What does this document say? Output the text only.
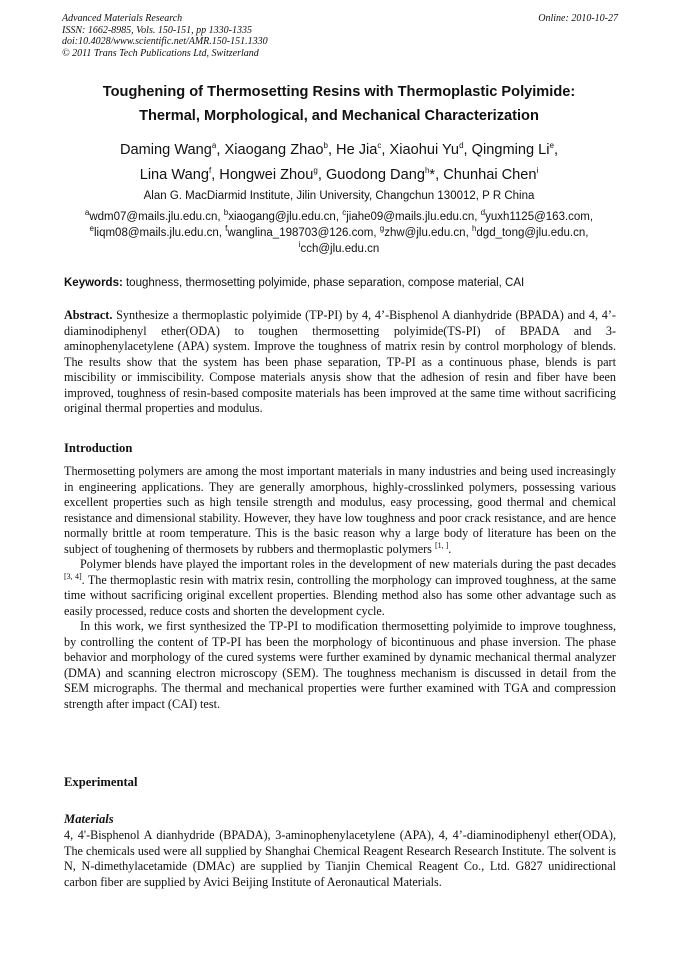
Advanced Materials Research
ISSN: 1662-8985, Vols. 150-151, pp 1330-1335
doi:10.4028/www.scientific.net/AMR.150-151.1330
© 2011 Trans Tech Publications Ltd, Switzerland
Online: 2010-10-27
Toughening of Thermosetting Resins with Thermoplastic Polyimide:
Thermal, Morphological, and Mechanical Characterization
Daming Wang$^a$, Xiaogang Zhao$^b$, He Jia$^c$, Xiaohui Yu$^d$, Qingming Li$^e$,
Lina Wang$^f$, Hongwei Zhou$^g$, Guodong Dang$^h$*, Chunhai Chen$^i$
Alan G. MacDiarmid Institute, Jilin University, Changchun 130012, P R China
$^a$wdm07@mails.jlu.edu.cn, $^b$xiaogang@jlu.edu.cn, $^c$jiahe09@mails.jlu.edu.cn, $^d$yuxh1125@163.com,
$^e$liqm08@mails.jlu.edu.cn, $^f$wanglina_198703@126.com, $^g$zhw@jlu.edu.cn, $^h$dgd_tong@jlu.edu.cn,
$^i$cch@jlu.edu.cn
Keywords: toughness, thermosetting polyimide, phase separation, compose material, CAI
Abstract. Synthesize a thermoplastic polyimide (TP-PI) by 4, 4’-Bisphenol A dianhydride (BPADA) and 4, 4’-diaminodiphenyl ether(ODA) to toughen thermosetting polyimide(TS-PI) of BPADA and 3-aminophenylacetylene (APA) system. Improve the toughness of matrix resin by control morphology of blends. The results show that the system has been phase separation, TP-PI as a continuous phase, blends is part miscibility or immiscibility. Compose materials anysis show that the adhesion of resin and fiber have been improved, toughness of resin-based composite materials has been improved at the same time without sacrificing original thermal properties and modulus.
Introduction

Thermosetting polymers are among the most important materials in many industries and being used increasingly in engineering applications. They are generally amorphous, highly-crosslinked polymers, possessing various excellent properties such as high tensile strength and modulus, easy processing, good thermal and chemical resistance and dimensional stability. However, they have low toughness and poor crack resistance, and are hence normally brittle at room temperature. This is the basic reason why a large body of literature has been on the subject of toughening of thermosets by rubbers and thermoplastic polymers [1, ].

Polymer blends have played the important roles in the development of new materials during the past decades [3, 4]. The thermoplastic resin with matrix resin, controlling the morphology can improved toughness, at the same time without sacrificing original excellent properties. Blending method also has some other advantage such as easily processed, reduce costs and shorten the development cycle.

In this work, we first synthesized the TP-PI to modification thermosetting polyimide to improve toughness, by controlling the content of TP-PI has been the morphology of bicontinuous and phase inversion. The phase behavior and morphology of the cured systems were further examined by dynamic mechanical thermal analyzer (DMA) and scanning electron microscopy (SEM). The toughness mechanism is discussed in detail from the SEM micrographs. The thermal and mechanical properties were further examined with TGA and compression strength after impact (CAI) test.

Experimental
Materials

4, 4'-Bisphenol A dianhydride (BPADA), 3-aminophenylacetylene (APA), 4, 4’-diaminodiphenyl ether(ODA), The chemicals used were all supplied by Shanghai Chemical Reagent Research Research Institute. The solvent is N, N-dimethylacetamide (DMAc) are supplied by Tianjin Chemical Reagent Co., Ltd. G827 unidirectional carbon fiber are supplied by Avici Beijing Institute of Aeronautical Materials.
